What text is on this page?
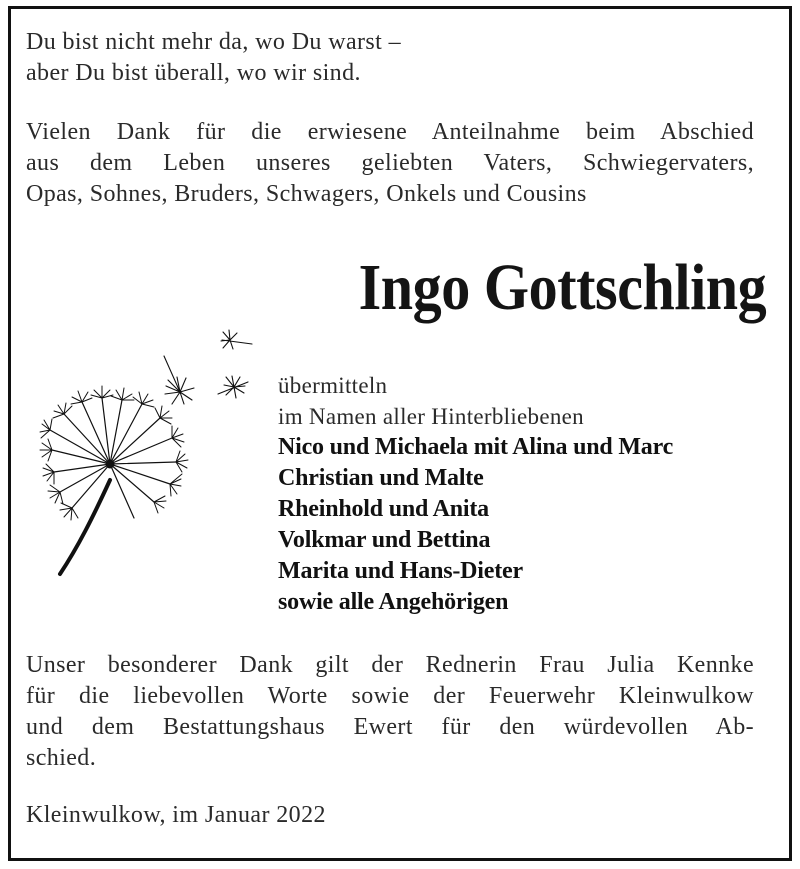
Du bist nicht mehr da, wo Du warst –
aber Du bist überall, wo wir sind.

Vielen Dank für die erwiesene Anteilnahme beim Abschied
aus dem Leben unseres geliebten Vaters, Schwiegervaters,
Opas, Sohnes, Bruders, Schwagers, Onkels und Cousins

Ingo Gottschling
übermitteln
im Namen aller Hinterbliebenen
Nico und Michaela mit Alina und Marc
Christian und Malte
Rheinhold und Anita
Volkmar und Bettina
Marita und Hans-Dieter
sowie alle Angehörigen

Unser besonderer Dank gilt der Rednerin Frau Julia Kennke
für die liebevollen Worte sowie der Feuerwehr Kleinwulkow
und dem Bestattungshaus Ewert für den würdevollen Ab-
schied.

Kleinwulkow, im Januar 2022
